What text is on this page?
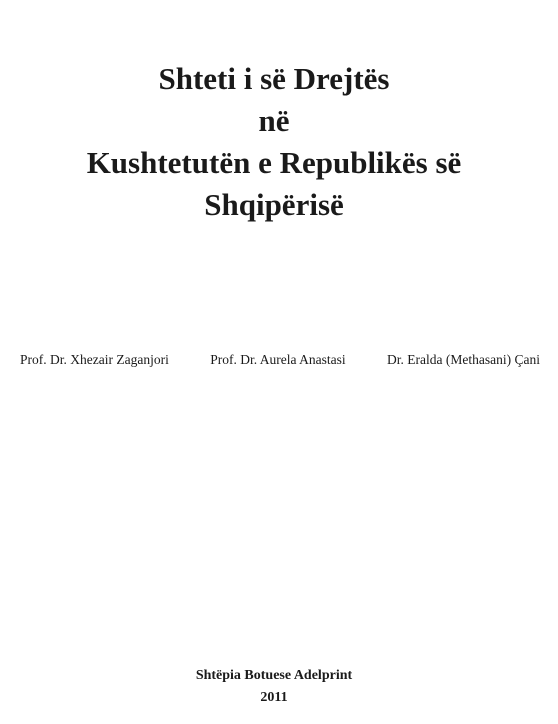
Shteti i së Drejtës
në
Kushtetutën e Republikës së
Shqipërisë
Prof. Dr. Xhezair Zaganjori	Prof. Dr. Aurela Anastasi	Dr. Eralda (Methasani) Çani
Shtëpia Botuese Adelprint
2011
